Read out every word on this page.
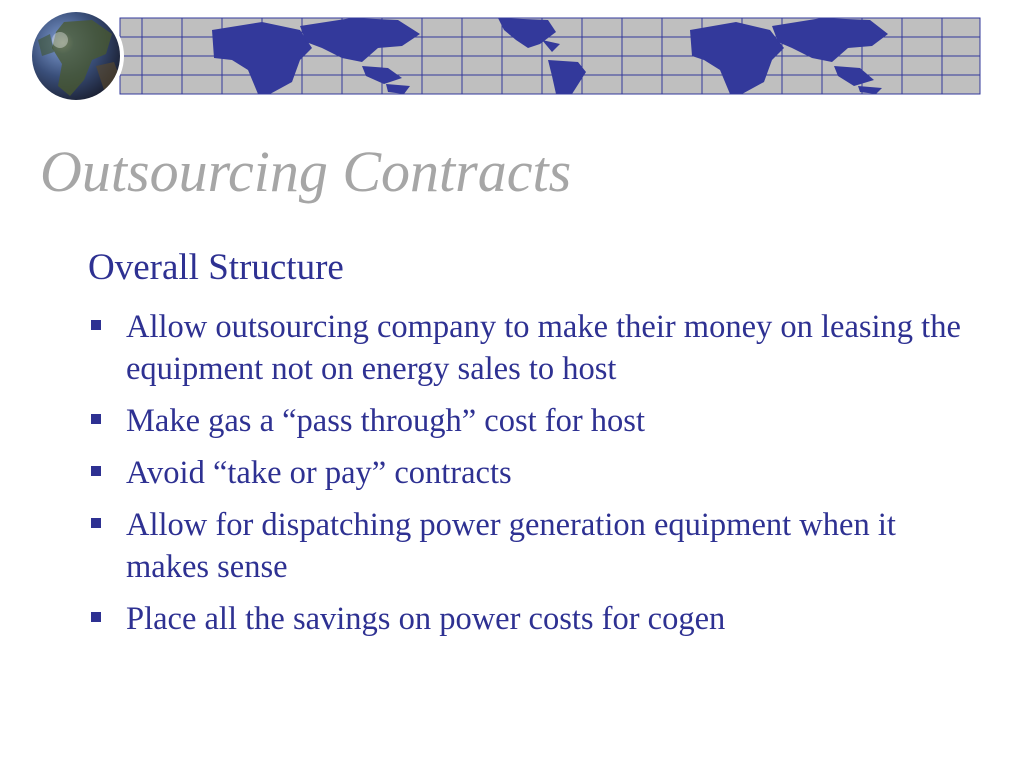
Outsourcing Contracts
Overall Structure
Allow outsourcing company to make their money on leasing the equipment not on energy sales to host
Make gas a “pass through” cost for host
Avoid “take or pay” contracts
Allow for dispatching power generation equipment when it makes sense
Place all the savings on power costs for cogen
